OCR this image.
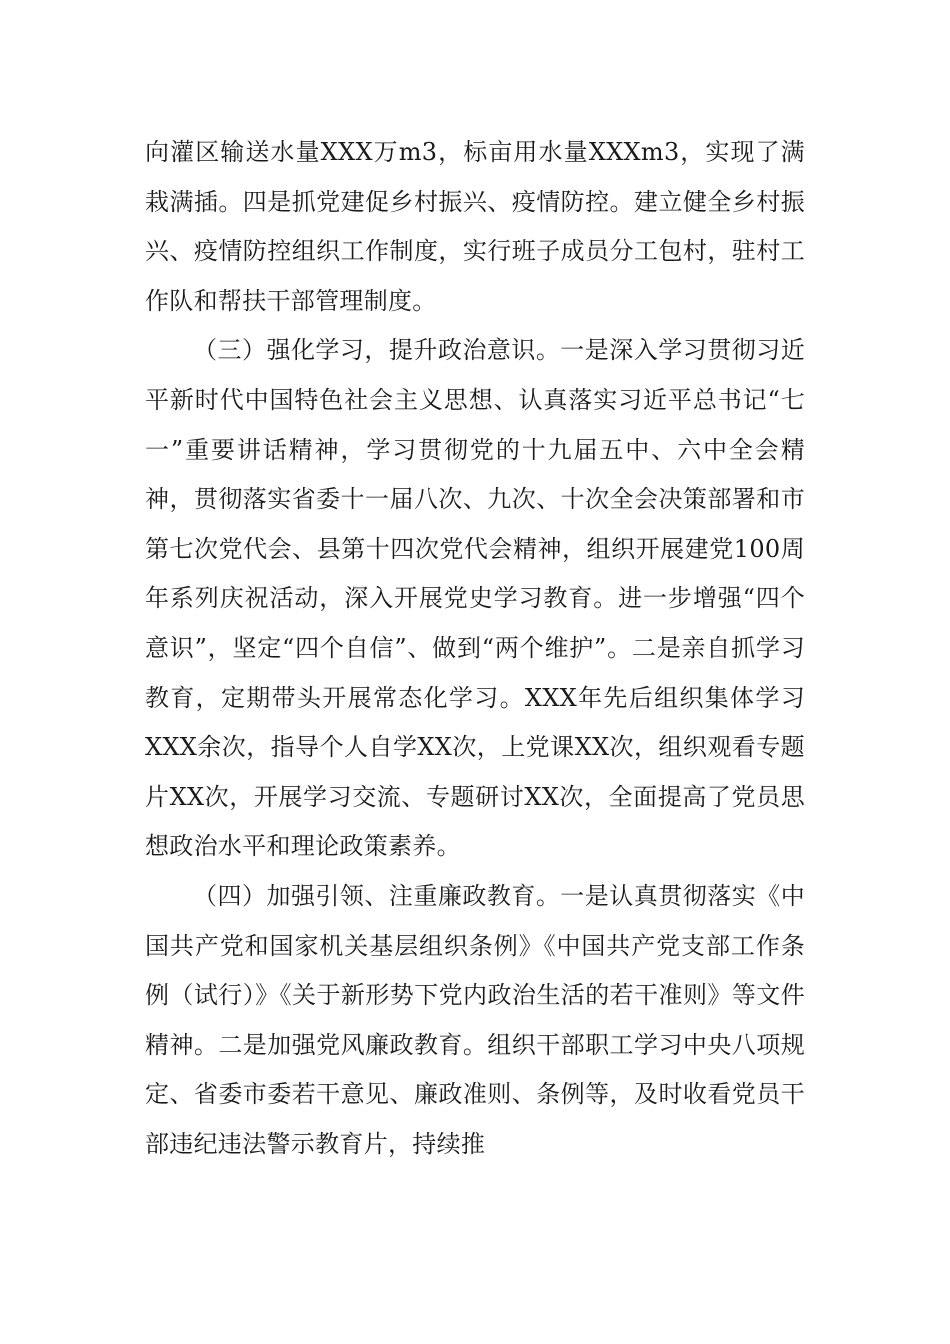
向灌区输送水量XXX万m3，标亩用水量XXXm3，实现了满栽满插。四是抓党建促乡村振兴、疫情防控。建立健全乡村振兴、疫情防控组织工作制度，实行班子成员分工包村，驻村工作队和帮扶干部管理制度。

（三）强化学习，提升政治意识。一是深入学习贯彻习近平新时代中国特色社会主义思想、认真落实习近平总书记“七一”重要讲话精神，学习贯彻党的十九届五中、六中全会精神，贯彻落实省委十一届八次、九次、十次全会决策部署和市第七次党代会、县第十四次党代会精神，组织开展建党100周年系列庆祝活动，深入开展党史学习教育。进一步增强“四个意识”，坚定“四个自信”、做到“两个维护”。二是亲自抓学习教育，定期带头开展常态化学习。XXX年先后组织集体学习XXX余次，指导个人自学XX次，上党课XX次，组织观看专题片XX次，开展学习交流、专题研讨XX次，全面提高了党员思想政治水平和理论政策素养。

（四）加强引领、注重廉政教育。一是认真贯彻落实《中国共产党和国家机关基层组织条例》《中国共产党支部工作条例（试行）》《关于新形势下党内政治生活的若干准则》等文件精神。二是加强党风廉政教育。组织干部职工学习中央八项规定、省委市委若干意见、廉政准则、条例等，及时收看党员干部违纪违法警示教育片，持续推
